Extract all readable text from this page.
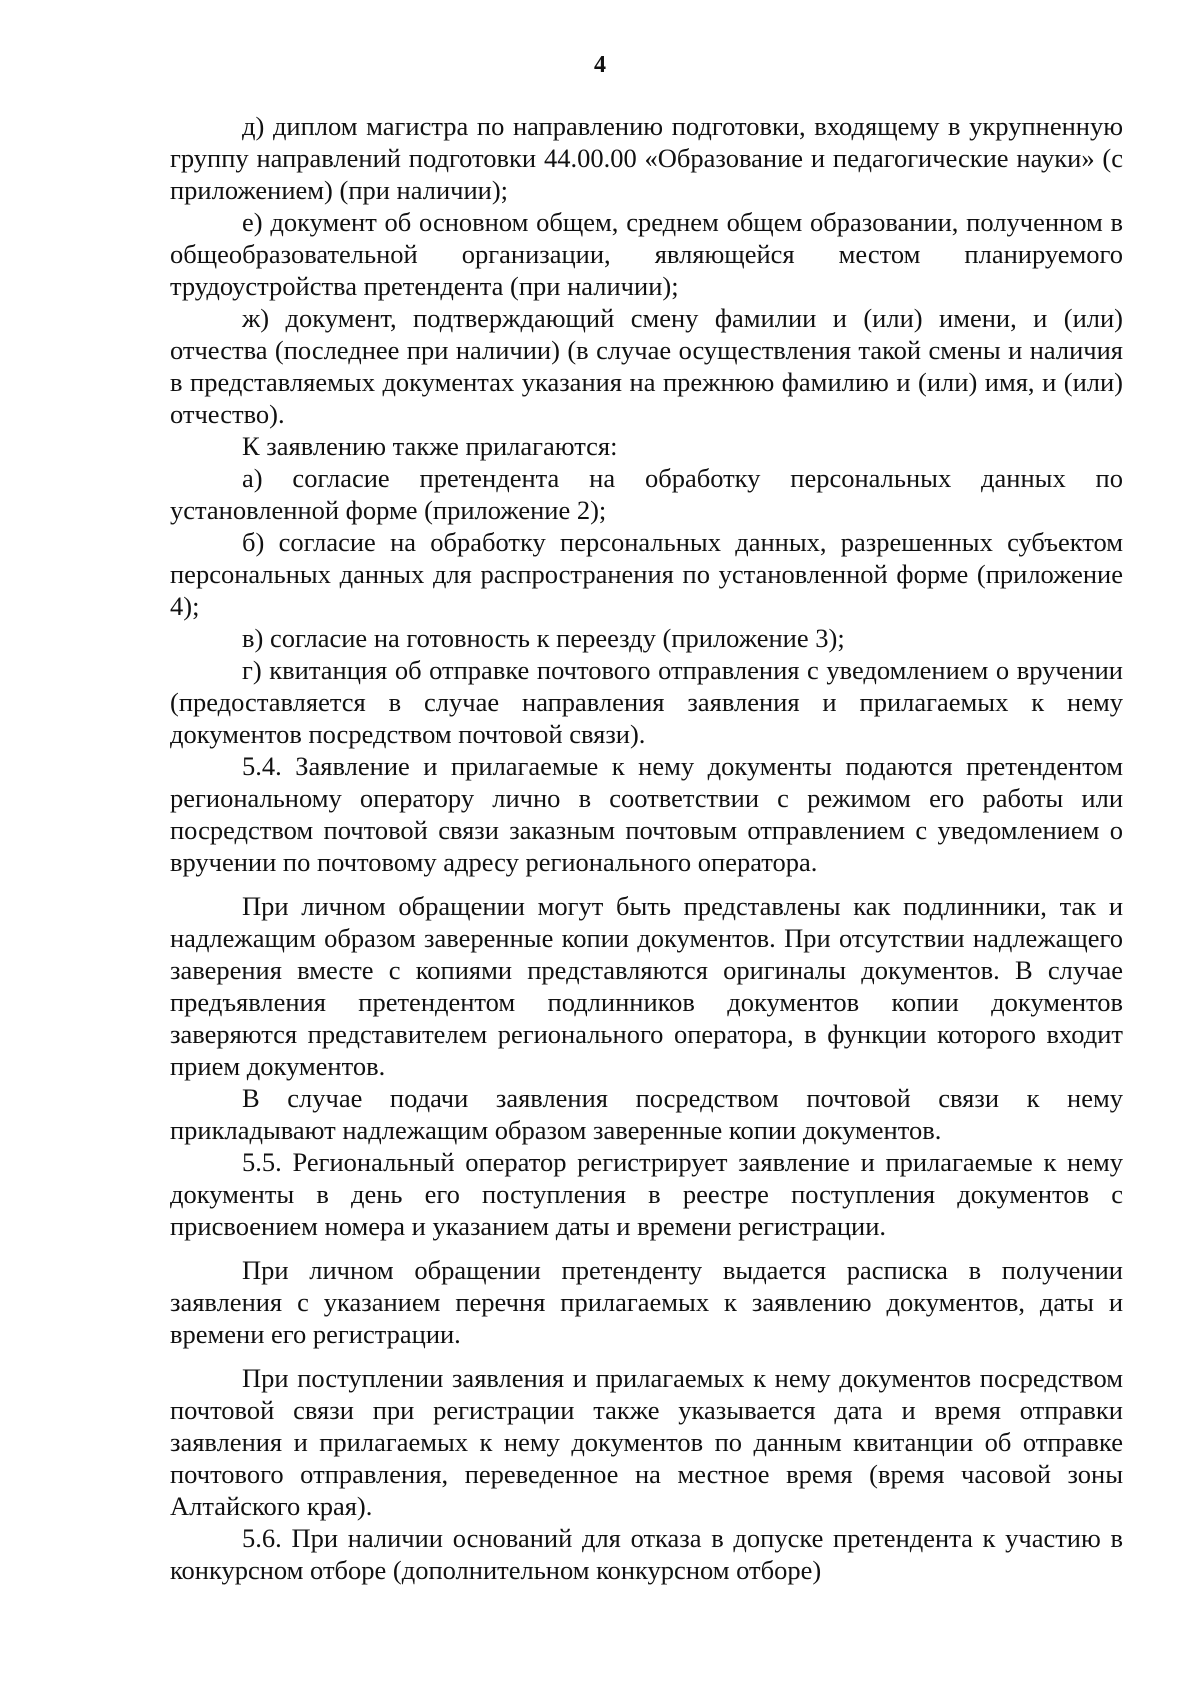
4

д) диплом магистра по направлению подготовки, входящему в укрупненную группу направлений подготовки 44.00.00 «Образование и педагогические науки» (с приложением) (при наличии);

е) документ об основном общем, среднем общем образовании, полученном в общеобразовательной организации, являющейся местом планируемого трудоустройства претендента (при наличии);

ж) документ, подтверждающий смену фамилии и (или) имени, и (или) отчества (последнее при наличии) (в случае осуществления такой смены и наличия в представляемых документах указания на прежнюю фамилию и (или) имя, и (или) отчество).

К заявлению также прилагаются:

а) согласие претендента на обработку персональных данных по установленной форме (приложение 2);

б) согласие на обработку персональных данных, разрешенных субъектом персональных данных для распространения по установленной форме (приложение 4);

в) согласие на готовность к переезду (приложение 3);

г) квитанция об отправке почтового отправления с уведомлением о вручении (предоставляется в случае направления заявления и прилагаемых к нему документов посредством почтовой связи).

5.4. Заявление и прилагаемые к нему документы подаются претендентом региональному оператору лично в соответствии с режимом его работы или посредством почтовой связи заказным почтовым отправлением с уведомлением о вручении по почтовому адресу регионального оператора.

При личном обращении могут быть представлены как подлинники, так и надлежащим образом заверенные копии документов. При отсутствии надлежащего заверения вместе с копиями представляются оригиналы документов. В случае предъявления претендентом подлинников документов копии документов заверяются представителем регионального оператора, в функции которого входит прием документов.

В случае подачи заявления посредством почтовой связи к нему прикладывают надлежащим образом заверенные копии документов.

5.5. Региональный оператор регистрирует заявление и прилагаемые к нему документы в день его поступления в реестре поступления документов с присвоением номера и указанием даты и времени регистрации.

При личном обращении претенденту выдается расписка в получении заявления с указанием перечня прилагаемых к заявлению документов, даты и времени его регистрации.

При поступлении заявления и прилагаемых к нему документов посредством почтовой связи при регистрации также указывается дата и время отправки заявления и прилагаемых к нему документов по данным квитанции об отправке почтового отправления, переведенное на местное время (время часовой зоны Алтайского края).

5.6. При наличии оснований для отказа в допуске претендента к участию в конкурсном отборе (дополнительном конкурсном отборе)
